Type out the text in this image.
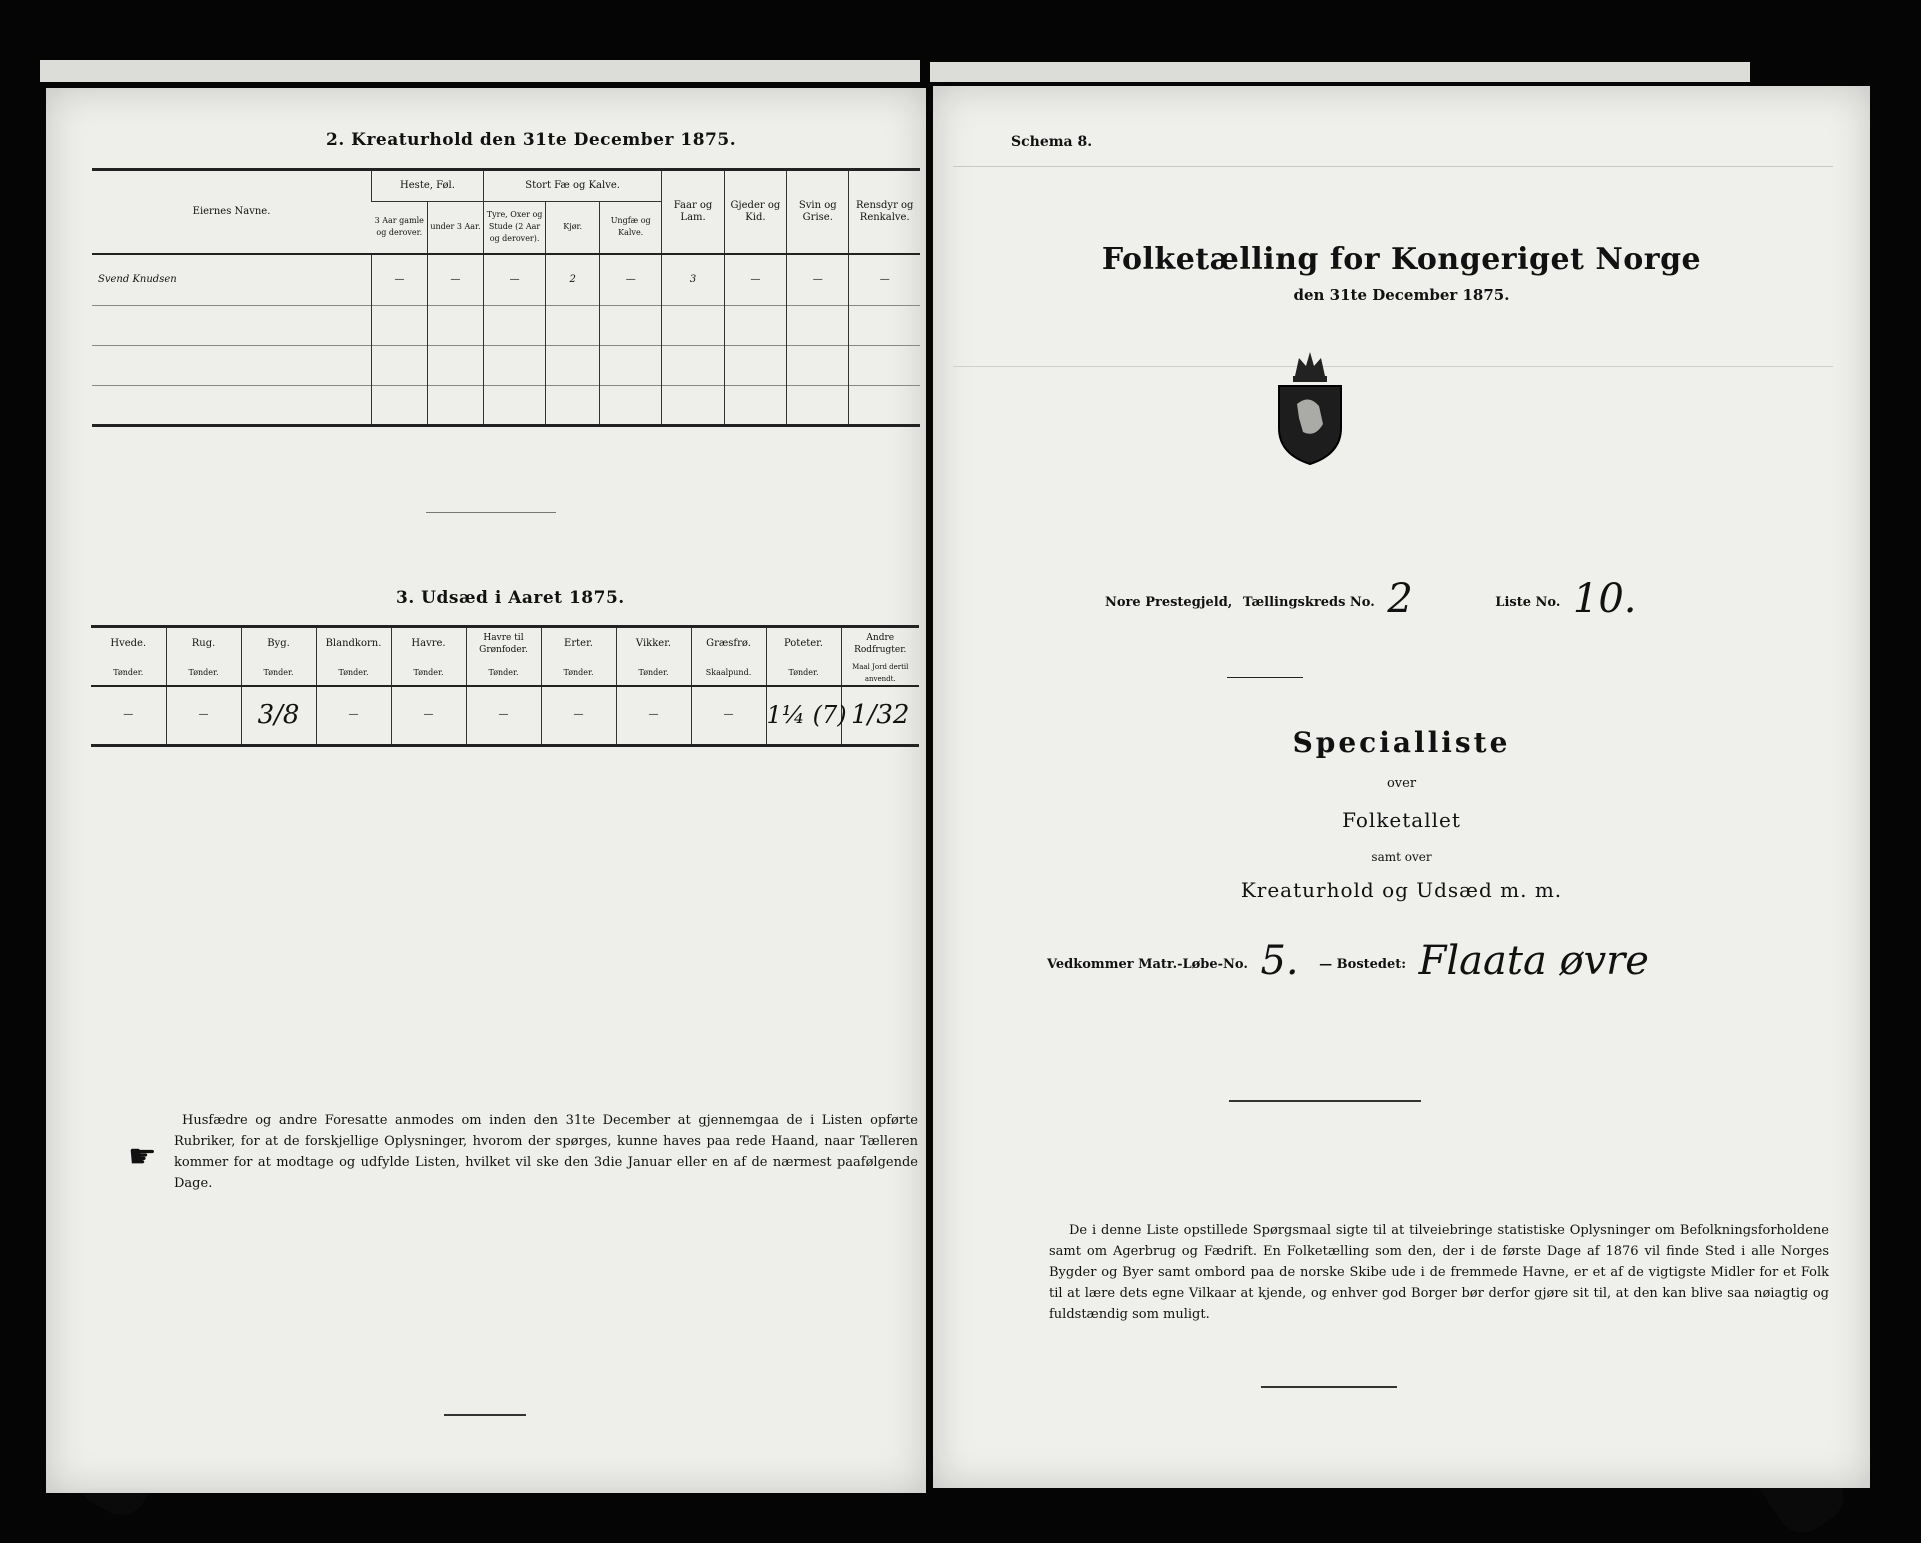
2. Kreaturhold den 31te December 1875.
Eiernes Navne.	Heste, Føl.		Stort Fæ og Kalve.			Faar og Lam.	Gjeder og Kid.	Svin og Grise.	Rensdyr og Renkalve.
	3 Aar gamle og derover.	under 3 Aar.	Tyre, Oxer og Stude (2 Aar og derover).	Kjør.	Ungfæ og Kalve.				
Svend Knudsen	—	—	—	2	—	3	—	—	—

3. Udsæd i Aaret 1875.
Hvede.	Rug.	Byg.	Blandkorn.	Havre.	Havre til Grønfoder.	Erter.	Vikker.	Græsfrø.	Poteter.	Andre Rodfrugter.
Tønder.	Tønder.	Tønder.	Tønder.	Tønder.	Tønder.	Tønder.	Tønder.	Skaalpund.	Tønder.	Maal Jord dertil anvendt.
—	—	3/8	—	—	—	—	—	—	1¼ (7)	1/32
☛
Husfædre og andre Foresatte anmodes om inden den 31te December at gjennemgaa de i Listen opførte Rubriker, for at de forskjellige Oplysninger, hvorom der spørges, kunne haves paa rede Haand, naar Tælleren kommer for at modtage og udfylde Listen, hvilket vil ske den 3die Januar eller en af de nærmest paafølgende Dage.
Schema 8.
Folketælling for Kongeriget Norge
den 31te December 1875.
Nore Prestegjeld, Tællingskreds No. 2	Liste No. 10.
Specialliste
over
Folketallet
samt over
Kreaturhold og Udsæd m. m.
Vedkommer Matr.-Løbe-No. 5. — Bostedet: Flaata øvre
De i denne Liste opstillede Spørgsmaal sigte til at tilveiebringe statistiske Oplysninger om Befolkningsforholdene samt om Agerbrug og Fædrift. En Folketælling som den, der i de første Dage af 1876 vil finde Sted i alle Norges Bygder og Byer samt ombord paa de norske Skibe ude i de fremmede Havne, er et af de vigtigste Midler for et Folk til at lære dets egne Vilkaar at kjende, og enhver god Borger bør derfor gjøre sit til, at den kan blive saa nøiagtig og fuldstændig som muligt.
